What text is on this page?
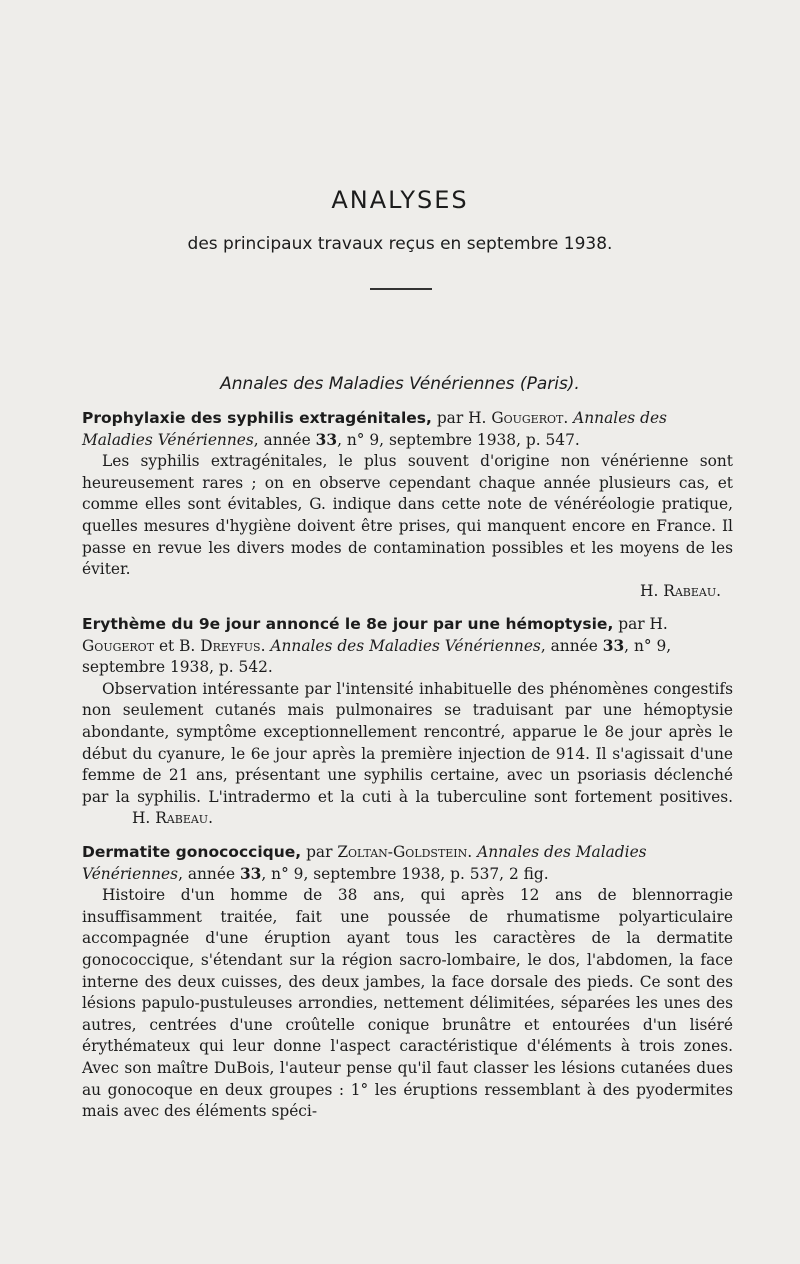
ANALYSES
des principaux travaux reçus en septembre 1938.
Annales des Maladies Vénériennes (Paris).
Prophylaxie des syphilis extragénitales, par H. Gougerot. Annales des Maladies Vénériennes, année 33, n° 9, septembre 1938, p. 547.
Les syphilis extragénitales, le plus souvent d'origine non vénérienne sont heureusement rares ; on en observe cependant chaque année plusieurs cas, et comme elles sont évitables, G. indique dans cette note de vénéréologie pratique, quelles mesures d'hygiène doivent être prises, qui manquent encore en France. Il passe en revue les divers modes de contamination possibles et les moyens de les éviter.
H. Rabeau.
Erythème du 9e jour annoncé le 8e jour par une hémoptysie, par H. Gougerot et B. Dreyfus. Annales des Maladies Vénériennes, année 33, n° 9, septembre 1938, p. 542.
Observation intéressante par l'intensité inhabituelle des phénomènes congestifs non seulement cutanés mais pulmonaires se traduisant par une hémoptysie abondante, symptôme exceptionnellement rencontré, apparue le 8e jour après le début du cyanure, le 6e jour après la première injection de 914. Il s'agissait d'une femme de 21 ans, présentant une syphilis certaine, avec un psoriasis déclenché par la syphilis. L'intradermo et la cuti à la tuberculine sont fortement positives.H. Rabeau.
Dermatite gonococcique, par Zoltan-Goldstein. Annales des Maladies Vénériennes, année 33, n° 9, septembre 1938, p. 537, 2 fig.
Histoire d'un homme de 38 ans, qui après 12 ans de blennorragie insuffisamment traitée, fait une poussée de rhumatisme polyarticulaire accompagnée d'une éruption ayant tous les caractères de la dermatite gonococcique, s'étendant sur la région sacro-lombaire, le dos, l'abdomen, la face interne des deux cuisses, des deux jambes, la face dorsale des pieds. Ce sont des lésions papulo-pustuleuses arrondies, nettement délimitées, séparées les unes des autres, centrées d'une croûtelle conique brunâtre et entourées d'un liséré érythémateux qui leur donne l'aspect caractéristique d'éléments à trois zones. Avec son maître DuBois, l'auteur pense qu'il faut classer les lésions cutanées dues au gonocoque en deux groupes : 1° les éruptions ressemblant à des pyodermites mais avec des éléments spéci-
